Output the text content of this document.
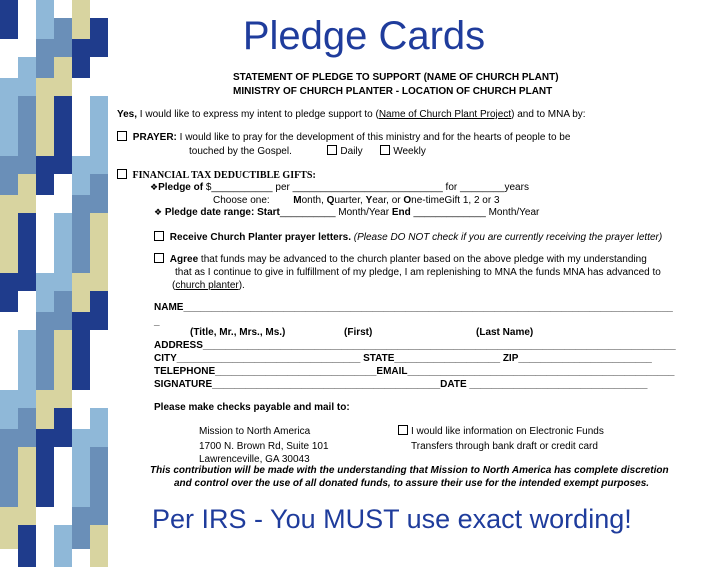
Pledge Cards
STATEMENT OF PLEDGE TO SUPPORT (NAME OF CHURCH PLANT)
MINISTRY OF CHURCH PLANTER - LOCATION OF CHURCH PLANT
Yes, I would like to express my intent to pledge support to (Name of Church Plant Project) and to MNA by:
PRAYER: I would like to pray for the development of this ministry and for the hearts of people to be
touched by the Gospel.	Daily	Weekly
FINANCIAL TAX DEDUCTIBLE GIFTS:
❖Pledge of $___________ per ___________________________ for ________years
Choose one: Month, Quarter, Year, or One-timeGift 1, 2 or 3
❖ Pledge date range: Start__________ Month/Year End _____________ Month/Year
Receive Church Planter prayer letters. (Please DO NOT check if you are currently receiving the prayer letter)
Agree that funds may be advanced to the church planter based on the above pledge with my understanding
that as I continue to give in fulfillment of my pledge, I am replenishing to MNA the funds MNA has advanced to
(church planter).
NAME________________________________________________________________________________________
_
(Title, Mr., Mrs., Ms.)	(First)	(Last Name)
ADDRESS_____________________________________________________________________________________
CITY_________________________________ STATE___________________ ZIP________________________
TELEPHONE_____________________________EMAIL________________________________________________
SIGNATURE_________________________________________DATE ________________________________
Please make checks payable and mail to:
Mission to North America
1700 N. Brown Rd, Suite 101
Lawrenceville, GA 30043
I would like information on Electronic Funds
Transfers through bank draft or credit card
This contribution will be made with the understanding that Mission to North America has complete discretion
and control over the use of all donated funds, to assure their use for the intended exempt purposes.
Per IRS - You MUST use exact wording!
